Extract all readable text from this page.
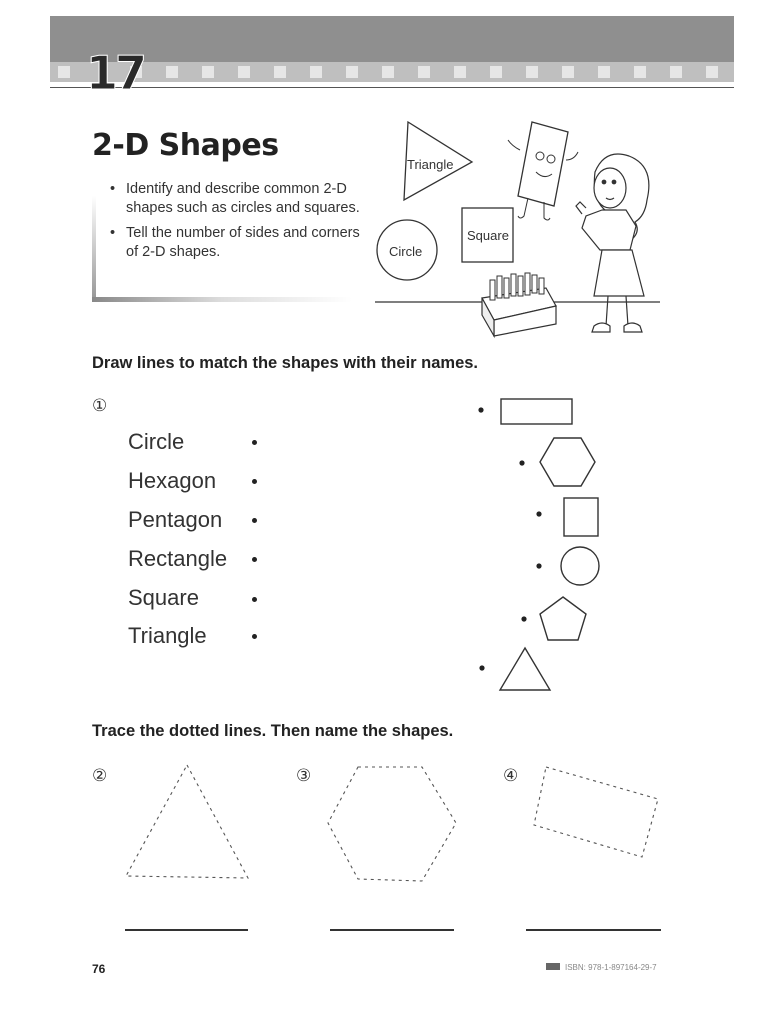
17
2-D Shapes
• Identify and describe common 2-D shapes such as circles and squares.
• Tell the number of sides and corners of 2-D shapes.
Triangle
Square
Circle
Draw lines to match the shapes with their names.
①
Circle
Hexagon
Pentagon
Rectangle
Square
Triangle
Trace the dotted lines. Then name the shapes.
②	③	④
76	ISBN: 978-1-897164-29-7
